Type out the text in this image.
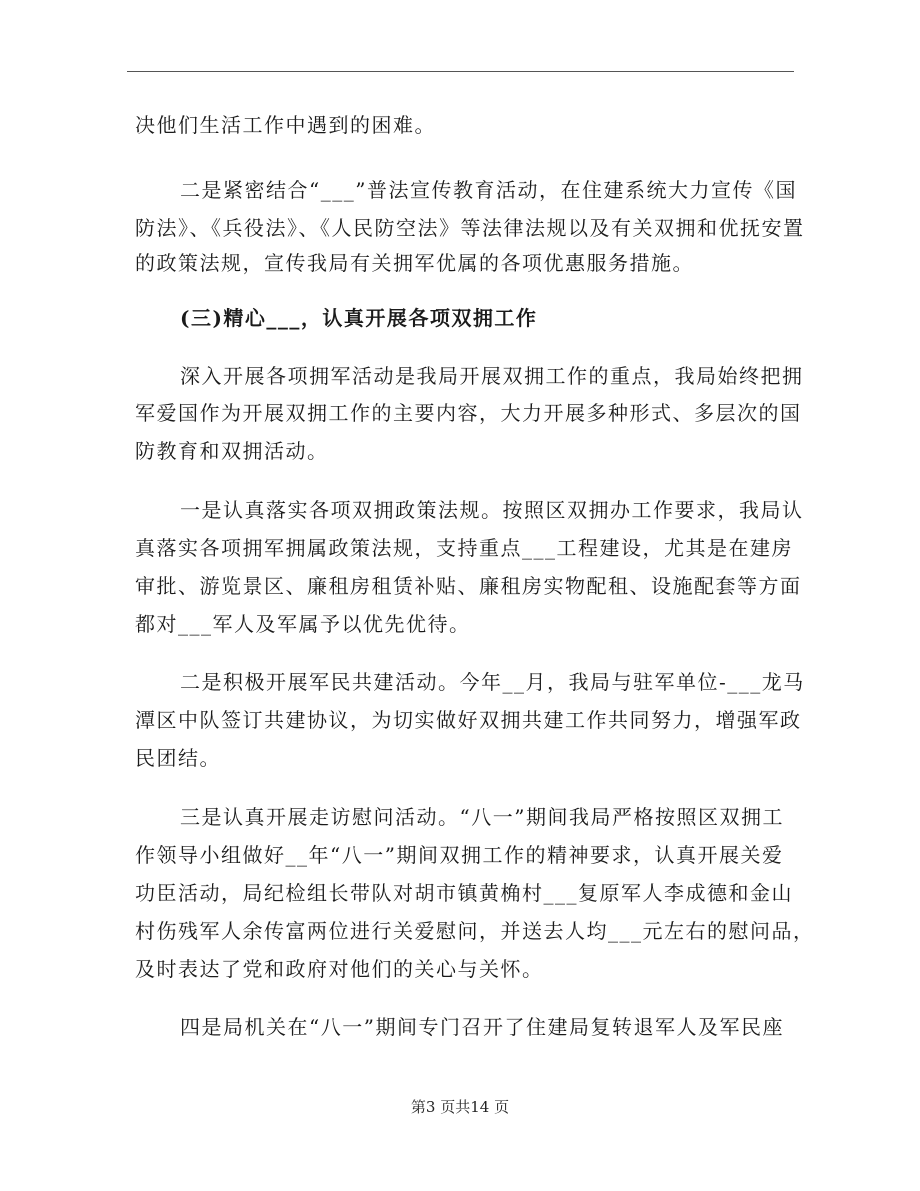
决他们生活工作中遇到的困难。
二是紧密结合“___”普法宣传教育活动，在住建系统大力宣传《国
防法》、《兵役法》、《人民防空法》等法律法规以及有关双拥和优抚安置
的政策法规，宣传我局有关拥军优属的各项优惠服务措施。
(三)精心___，认真开展各项双拥工作
深入开展各项拥军活动是我局开展双拥工作的重点，我局始终把拥
军爱国作为开展双拥工作的主要内容，大力开展多种形式、多层次的国
防教育和双拥活动。
一是认真落实各项双拥政策法规。按照区双拥办工作要求，我局认
真落实各项拥军拥属政策法规，支持重点___工程建设，尤其是在建房
审批、游览景区、廉租房租赁补贴、廉租房实物配租、设施配套等方面
都对___军人及军属予以优先优待。
二是积极开展军民共建活动。今年__月，我局与驻军单位-___龙马
潭区中队签订共建协议，为切实做好双拥共建工作共同努力，增强军政
民团结。
三是认真开展走访慰问活动。“八一”期间我局严格按照区双拥工
作领导小组做好__年“八一”期间双拥工作的精神要求，认真开展关爱
功臣活动，局纪检组长带队对胡市镇黄桷村___复原军人李成德和金山
村伤残军人余传富两位进行关爱慰问，并送去人均___元左右的慰问品，
及时表达了党和政府对他们的关心与关怀。
四是局机关在“八一”期间专门召开了住建局复转退军人及军民座
第3 页共14 页
